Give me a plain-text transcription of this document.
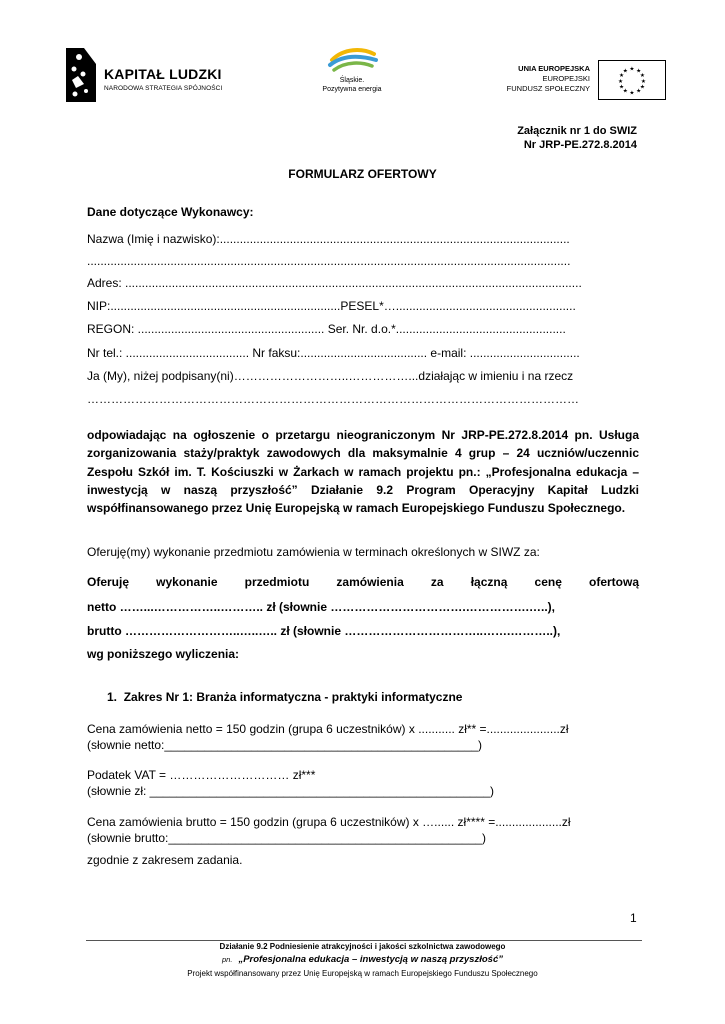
KAPITAŁ LUDZKI
NARODOWA STRATEGIA SPÓJNOŚCI
Śląskie.
Pozytywna energia
UNIA EUROPEJSKA
EUROPEJSKI
FUNDUSZ SPOŁECZNY
★ ★
★
★
★
★
★
★
★
★
★
★
Załącznik nr 1 do SWIZ
Nr JRP-PE.272.8.2014
FORMULARZ OFERTOWY
Dane dotyczące Wykonawcy:
Nazwa (Imię i nazwisko):.........................................................................................................
.................................................................................................................................................
Adres: .........................................................................................................................................
NIP:.....................................................................PESEL*…......................................................
REGON: ........................................................ Ser. Nr. d.o.*...................................................
Nr tel.: ..................................... Nr faksu:...................................... e-mail: .................................
Ja (My), niżej podpisany(ni)………………………..……………...działając w imieniu i na rzecz
……………………………………………………………………………………………………………
odpowiadając na ogłoszenie o przetargu nieograniczonym Nr JRP-PE.272.8.2014 pn. Usługa zorganizowania staży/praktyk zawodowych dla maksymalnie 4 grup – 24 uczniów/uczennic Zespołu Szkół im. T. Kościuszki w Żarkach w ramach projektu pn.: „Profesjonalna edukacja – inwestycją w naszą przyszłość” Działanie 9.2 Program Operacyjny Kapitał Ludzki współfinansowanego przez Unię Europejską w ramach Europejskiego Funduszu Społecznego.
Oferuję(my) wykonanie przedmiotu zamówienia w terminach określonych w SIWZ za:
Oferuję wykonanie przedmiotu zamówienia za łączną cenę ofertową
netto ……...……………..……….. zł (słownie …………………………….…………….…..),
brutto ………………………..…..….. zł (słownie ……………………………..…….………..),
wg poniższego wyliczenia:
1. Zakres Nr 1: Branża informatyczna - praktyki informatyczne
Cena zamówienia netto = 150 godzin (grupa 6 uczestników) x ........... zł** =......................zł
(słownie netto:_______________________________________________)
Podatek VAT = ………………………… zł***
(słownie zł: ___________________________________________________)
Cena zamówienia brutto = 150 godzin (grupa 6 uczestników) x …...... zł**** =....................zł
(słownie brutto:_______________________________________________)
zgodnie z zakresem zadania.
1
Działanie 9.2 Podniesienie atrakcyjności i jakości szkolnictwa zawodowego
pn. „Profesjonalna edukacja – inwestycją w naszą przyszłość”
Projekt współfinansowany przez Unię Europejską w ramach Europejskiego Funduszu Społecznego
